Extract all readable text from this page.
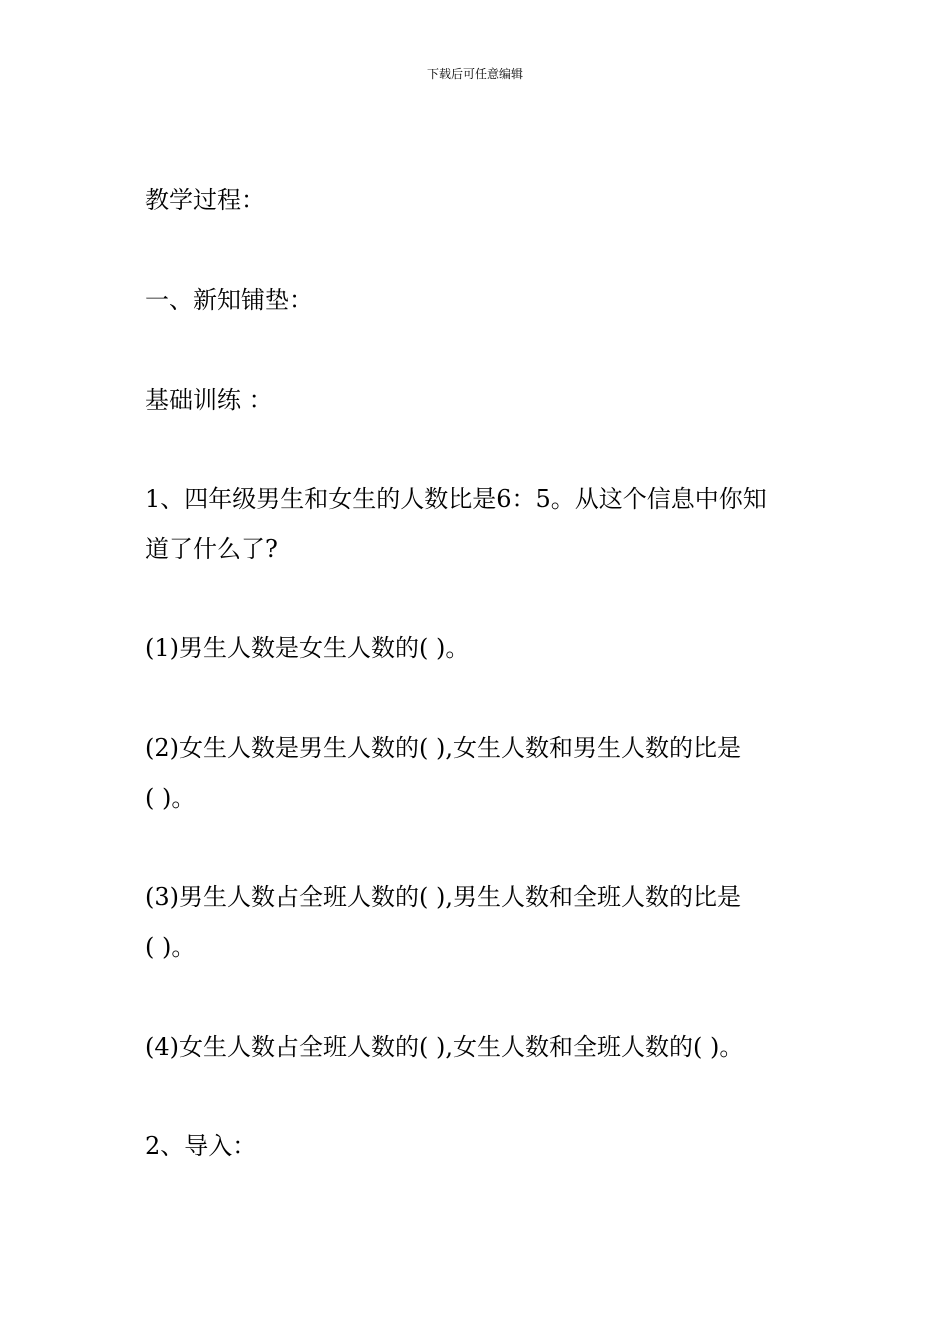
下载后可任意编辑
教学过程：
一、新知铺垫：
基础训练 ：
1、四年级男生和女生的人数比是6：5。从这个信息中你知
道了什么了?
(1)男生人数是女生人数的( )。
(2)女生人数是男生人数的( ),女生人数和男生人数的比是
( )。
(3)男生人数占全班人数的( ),男生人数和全班人数的比是
( )。
(4)女生人数占全班人数的( ),女生人数和全班人数的( )。
2、导入：
